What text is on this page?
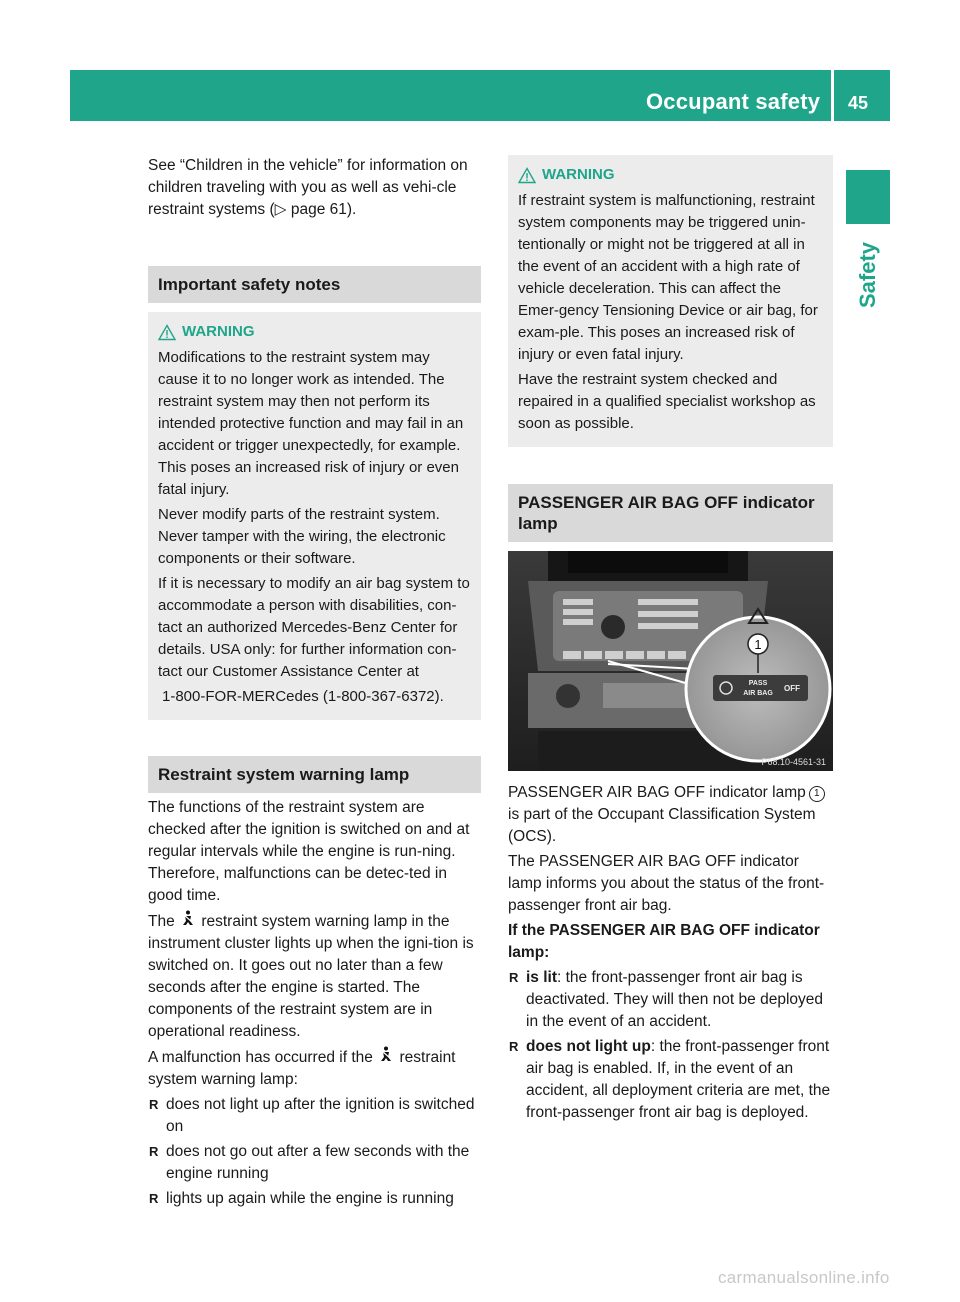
Occupant safety 45
Safety

See “Children in the vehicle” for information on children traveling with you as well as vehi-cle restraint systems (▷ page 61).

Important safety notes
WARNING

Modifications to the restraint system may cause it to no longer work as intended. The restraint system may then not perform its intended protective function and may fail in an accident or trigger unexpectedly, for example. This poses an increased risk of injury or even fatal injury.

Never modify parts of the restraint system. Never tamper with the wiring, the electronic components or their software.

If it is necessary to modify an air bag system to accommodate a person with disabilities, con-tact an authorized Mercedes-Benz Center for details. USA only: for further information con-tact our Customer Assistance Center at

1-800-FOR-MERCedes (1-800-367-6372).

Restraint system warning lamp

The functions of the restraint system are checked after the ignition is switched on and at regular intervals while the engine is run-ning. Therefore, malfunctions can be detec-ted in good time.

The restraint system warning lamp in the instrument cluster lights up when the igni-tion is switched on. It goes out no later than a few seconds after the engine is started. The components of the restraint system are in operational readiness.

A malfunction has occurred if the restraint system warning lamp:

R does not light up after the ignition is switched on
R does not go out after a few seconds with the engine running
R lights up again while the engine is running
WARNING

If restraint system is malfunctioning, restraint system components may be triggered unin-tentionally or might not be triggered at all in the event of an accident with a high rate of vehicle deceleration. This can affect the Emer-gency Tensioning Device or air bag, for exam-ple. This poses an increased risk of injury or even fatal injury.

Have the restraint system checked and repaired in a qualified specialist workshop as soon as possible.

PASSENGER AIR BAG OFF indicator lamp
1
PASS
AIR BAG
OFF
P68.10-4561-31

PASSENGER AIR BAG OFF indicator lamp 1 is part of the Occupant Classification System (OCS).

The PASSENGER AIR BAG OFF indicator lamp informs you about the status of the front-passenger front air bag.

If the PASSENGER AIR BAG OFF indicator lamp:

R is lit: the front-passenger front air bag is deactivated. They will then not be deployed in the event of an accident.
R does not light up: the front-passenger front air bag is enabled. If, in the event of an accident, all deployment criteria are met, the front-passenger front air bag is deployed.
carmanualsonline.info
